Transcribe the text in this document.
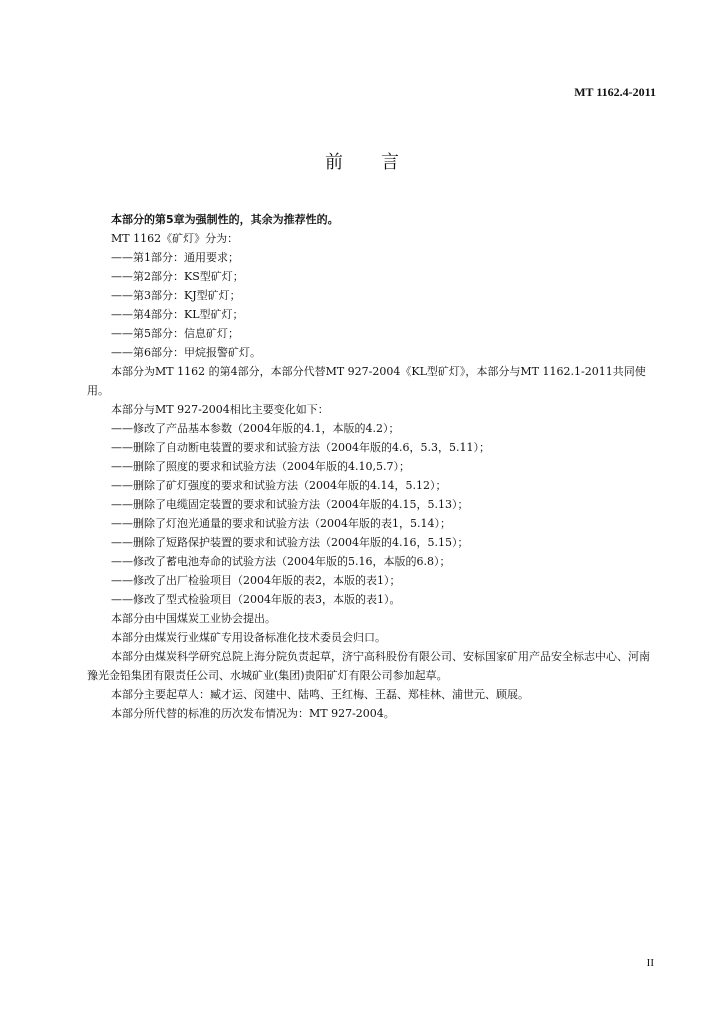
MT 1162.4-2011
前言

本部分的第5章为强制性的，其余为推荐性的。

MT 1162《矿灯》分为：

——第1部分：通用要求；

——第2部分：KS型矿灯；

——第3部分：KJ型矿灯；

——第4部分：KL型矿灯；

——第5部分：信息矿灯；

——第6部分：甲烷报警矿灯。

本部分为MT 1162 的第4部分，本部分代替MT 927-2004《KL型矿灯》，本部分与MT 1162.1-2011共同使用。

本部分与MT 927-2004相比主要变化如下：

——修改了产品基本参数（2004年版的4.1，本版的4.2）；

——删除了自动断电装置的要求和试验方法（2004年版的4.6，5.3，5.11）；

——删除了照度的要求和试验方法（2004年版的4.10,5.7）；

——删除了矿灯强度的要求和试验方法（2004年版的4.14，5.12）；

——删除了电缆固定装置的要求和试验方法（2004年版的4.15，5.13）；

——删除了灯泡光通量的要求和试验方法（2004年版的表1，5.14）；

——删除了短路保护装置的要求和试验方法（2004年版的4.16，5.15）；

——修改了蓄电池寿命的试验方法（2004年版的5.16，本版的6.8）；

——修改了出厂检验项目（2004年版的表2，本版的表1）；

——修改了型式检验项目（2004年版的表3，本版的表1）。

本部分由中国煤炭工业协会提出。

本部分由煤炭行业煤矿专用设备标准化技术委员会归口。

本部分由煤炭科学研究总院上海分院负责起草，济宁高科股份有限公司、安标国家矿用产品安全标志中心、河南豫光金铅集团有限责任公司、水城矿业(集团)贵阳矿灯有限公司参加起草。

本部分主要起草人：臧才运、闵建中、陆鸣、王红梅、王磊、郑桂林、浦世元、顾展。

本部分所代替的标准的历次发布情况为：MT 927-2004。

II
